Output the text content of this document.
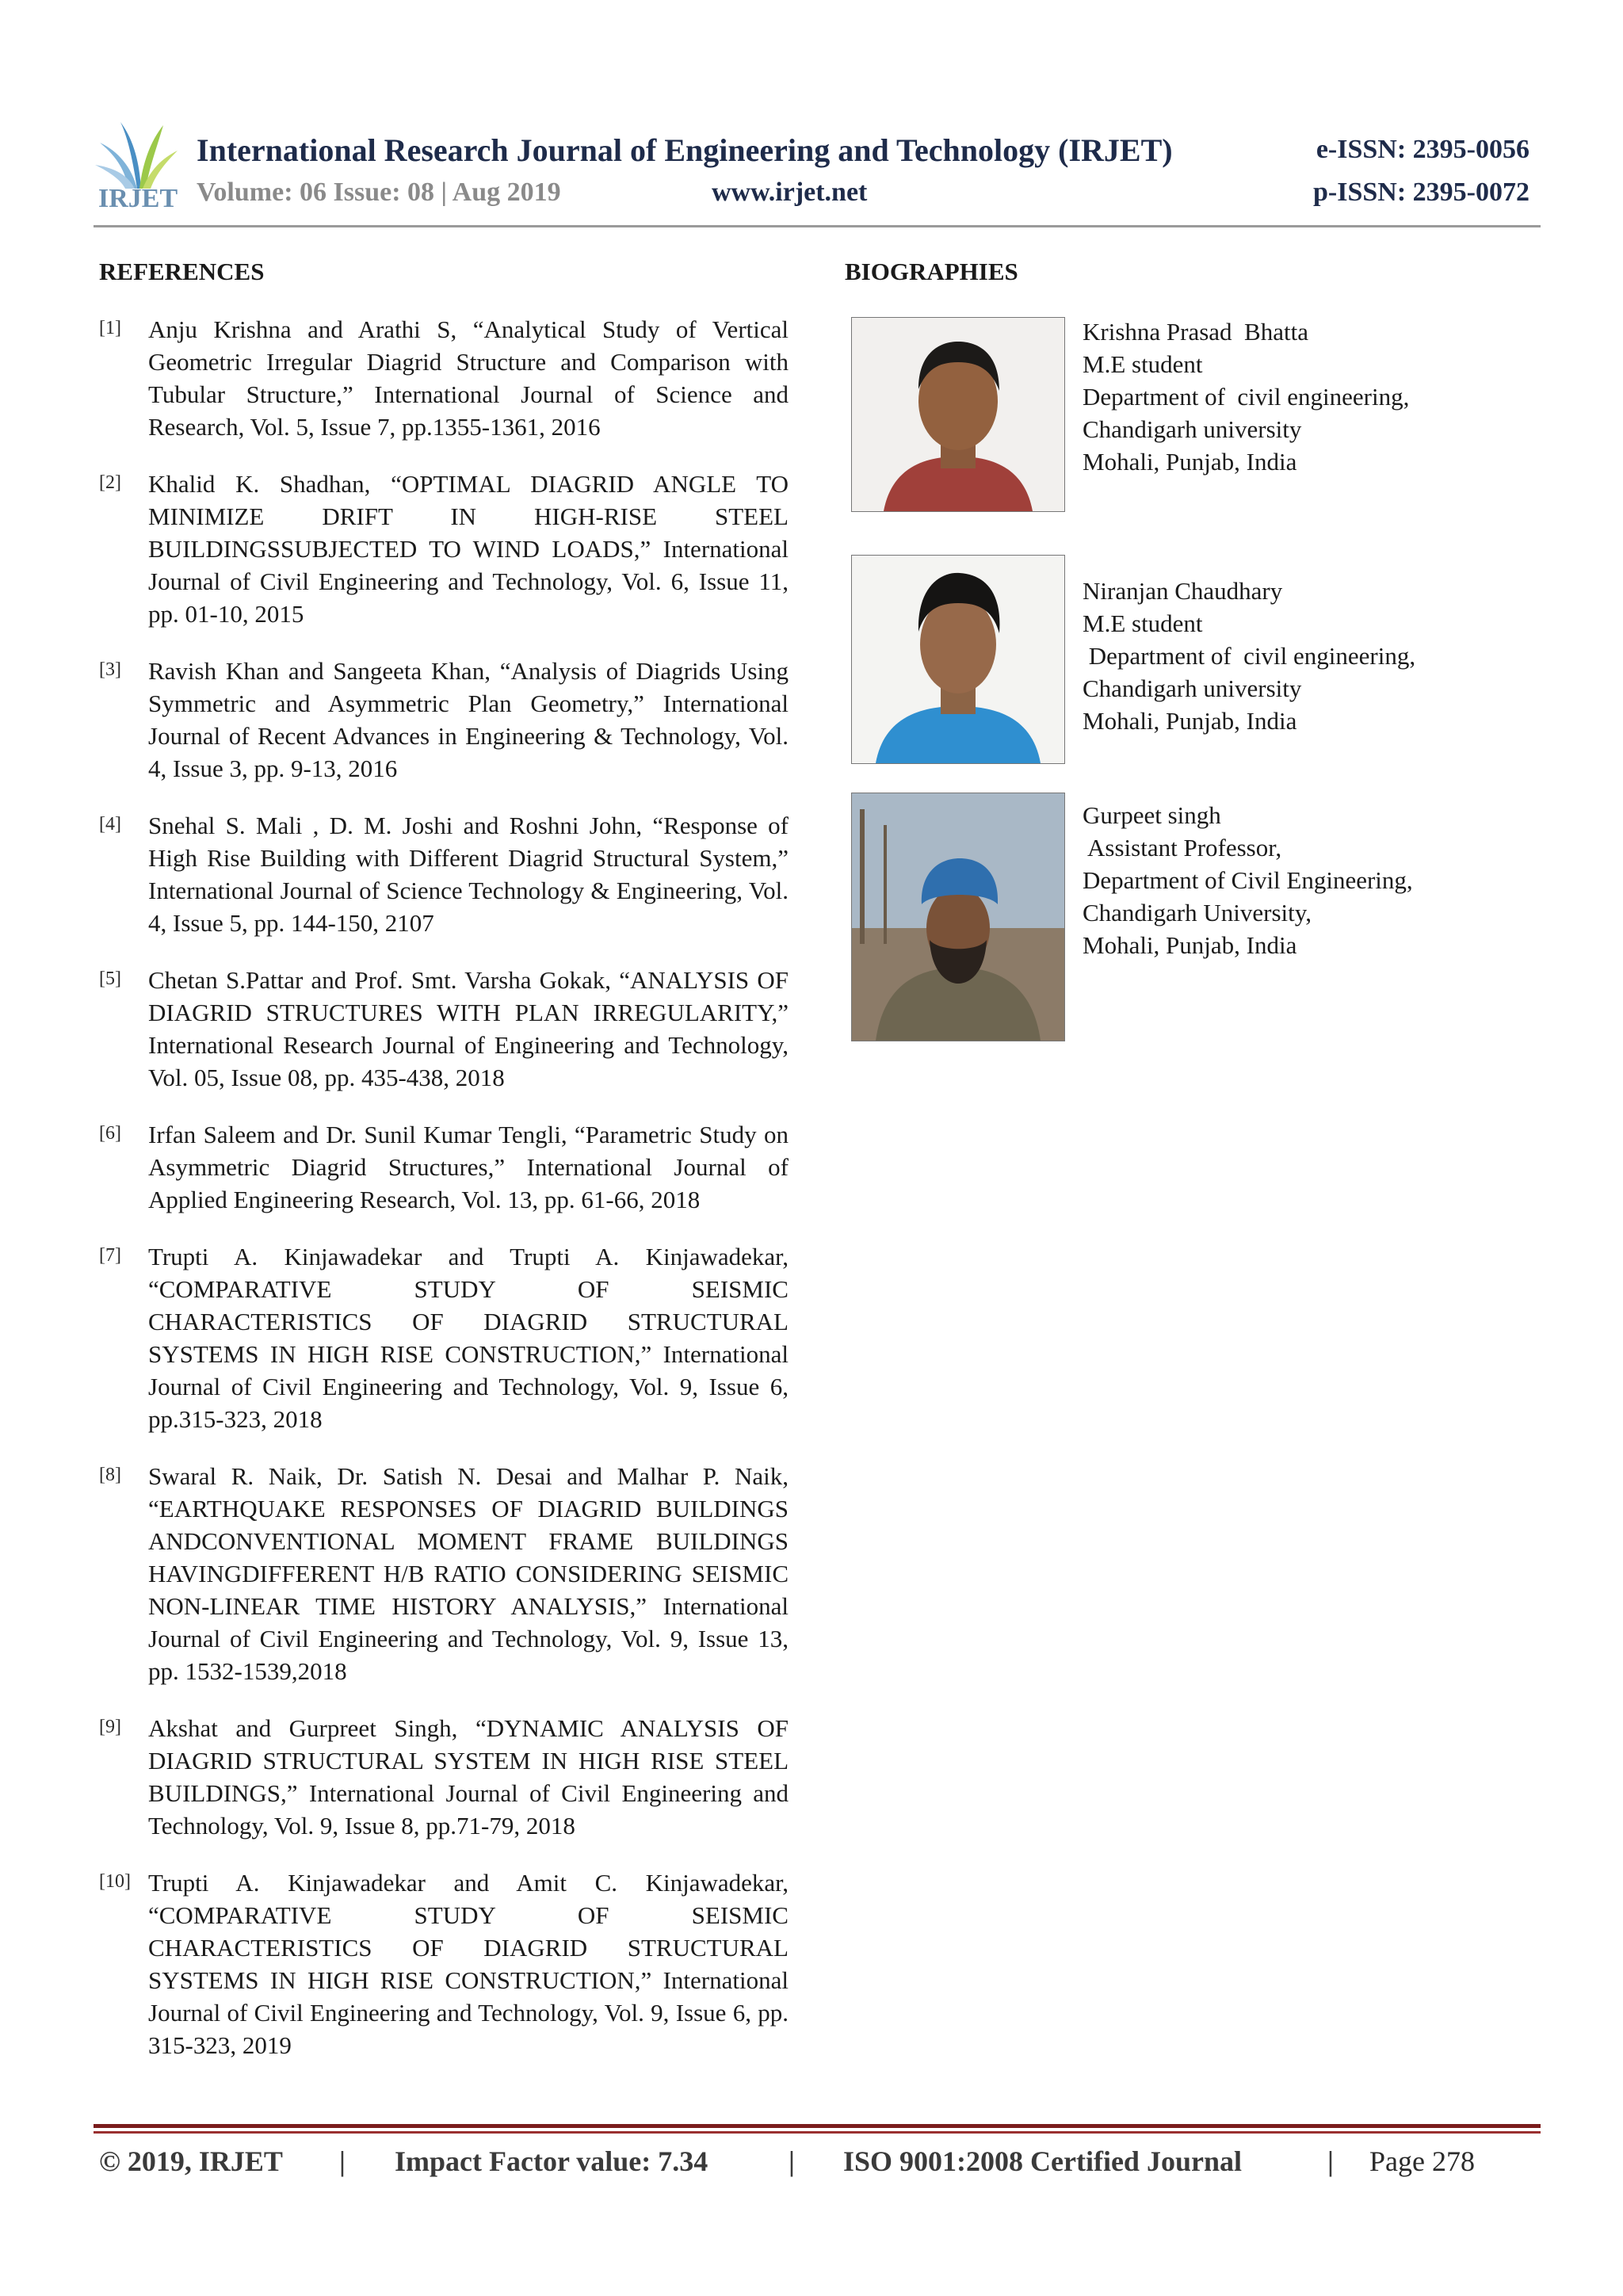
IRJET
International Research Journal of Engineering and Technology (IRJET)	e-ISSN: 2395-0056
Volume: 06 Issue: 08 | Aug 2019	www.irjet.net	p-ISSN: 2395-0072
REFERENCES
[1] Anju Krishna and Arathi S, “Analytical Study of Vertical Geometric Irregular Diagrid Structure and Comparison with Tubular Structure,” International Journal of Science and Research, Vol. 5, Issue 7, pp.1355-1361, 2016
[2] Khalid K. Shadhan, “OPTIMAL DIAGRID ANGLE TO MINIMIZE DRIFT IN HIGH-RISE STEEL BUILDINGSSUBJECTED TO WIND LOADS,” International Journal of Civil Engineering and Technology, Vol. 6, Issue 11, pp. 01-10, 2015
[3] Ravish Khan and Sangeeta Khan, “Analysis of Diagrids Using Symmetric and Asymmetric Plan Geometry,” International Journal of Recent Advances in Engineering & Technology, Vol. 4, Issue 3, pp. 9-13, 2016
[4] Snehal S. Mali , D. M. Joshi and Roshni John, “Response of High Rise Building with Different Diagrid Structural System,” International Journal of Science Technology & Engineering, Vol. 4, Issue 5, pp. 144-150, 2107
[5] Chetan S.Pattar and Prof. Smt. Varsha Gokak, “ANALYSIS OF DIAGRID STRUCTURES WITH PLAN IRREGULARITY,” International Research Journal of Engineering and Technology, Vol. 05, Issue 08, pp. 435-438, 2018
[6] Irfan Saleem and Dr. Sunil Kumar Tengli, “Parametric Study on Asymmetric Diagrid Structures,” International Journal of Applied Engineering Research, Vol. 13, pp. 61-66, 2018
[7] Trupti A. Kinjawadekar and Trupti A. Kinjawadekar, “COMPARATIVE STUDY OF SEISMIC CHARACTERISTICS OF DIAGRID STRUCTURAL SYSTEMS IN HIGH RISE CONSTRUCTION,” International Journal of Civil Engineering and Technology, Vol. 9, Issue 6, pp.315-323, 2018
[8] Swaral R. Naik, Dr. Satish N. Desai and Malhar P. Naik, “EARTHQUAKE RESPONSES OF DIAGRID BUILDINGS ANDCONVENTIONAL MOMENT FRAME BUILDINGS HAVINGDIFFERENT H/B RATIO CONSIDERING SEISMIC NON-LINEAR TIME HISTORY ANALYSIS,” International Journal of Civil Engineering and Technology, Vol. 9, Issue 13, pp. 1532-1539,2018
[9] Akshat and Gurpreet Singh, “DYNAMIC ANALYSIS OF DIAGRID STRUCTURAL SYSTEM IN HIGH RISE STEEL BUILDINGS,” International Journal of Civil Engineering and Technology, Vol. 9, Issue 8, pp.71-79, 2018
[10] Trupti A. Kinjawadekar and Amit C. Kinjawadekar, “COMPARATIVE STUDY OF SEISMIC CHARACTERISTICS OF DIAGRID STRUCTURAL SYSTEMS IN HIGH RISE CONSTRUCTION,” International Journal of Civil Engineering and Technology, Vol. 9, Issue 6, pp. 315-323, 2019
BIOGRAPHIES
Krishna Prasad  Bhatta
M.E student
Department of  civil engineering,
Chandigarh university
Mohali, Punjab, India
Niranjan Chaudhary
M.E student
Department of  civil engineering,
Chandigarh university
Mohali, Punjab, India
Gurpeet singh
Assistant Professor,
Department of Civil Engineering,
Chandigarh University,
Mohali, Punjab, India
© 2019, IRJET | Impact Factor value: 7.34	| ISO 9001:2008 Certified Journal	| Page 278
